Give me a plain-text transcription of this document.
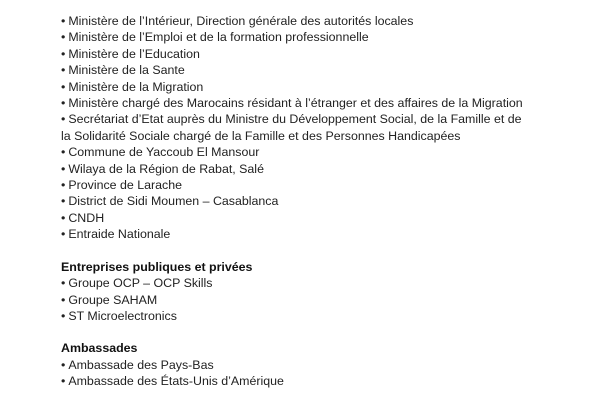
• Ministère de l’Intérieur, Direction générale des autorités locales
• Ministère de l’Emploi et de la formation professionnelle
• Ministère de l’Education
• Ministère de la Sante
• Ministère de la Migration
• Ministère chargé des Marocains résidant à l’étranger et des affaires de la Migration
• Secrétariat d’Etat auprès du Ministre du Développement Social, de la Famille et de la Solidarité Sociale chargé de la Famille et des Personnes Handicapées
• Commune de Yaccoub El Mansour
• Wilaya de la Région de Rabat, Salé
• Province de Larache
• District de Sidi Moumen – Casablanca
• CNDH
• Entraide Nationale
Entreprises publiques et privées
• Groupe OCP – OCP Skills
• Groupe SAHAM
• ST Microelectronics
Ambassades
• Ambassade des Pays-Bas
• Ambassade des États-Unis d’Amérique
